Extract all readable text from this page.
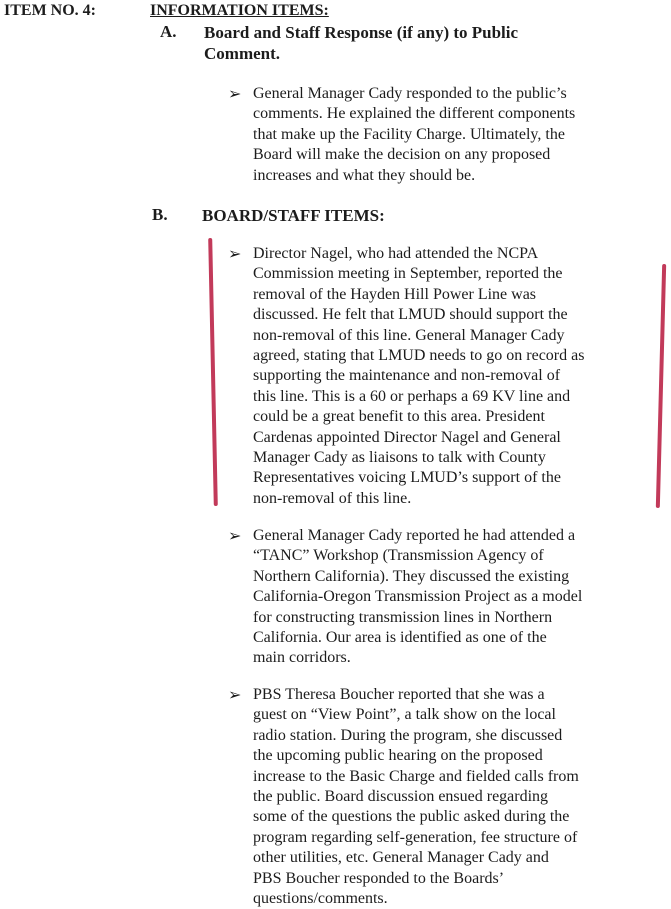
ITEM NO. 4:	INFORMATION ITEMS:
A. Board and Staff Response (if any) to Public
Comment.
➢ General Manager Cady responded to the public’s

comments. He explained the different components

that make up the Facility Charge. Ultimately, the

Board will make the decision on any proposed

increases and what they should be.

B. BOARD/STAFF ITEMS:
➢ Director Nagel, who had attended the NCPA

Commission meeting in September, reported the

removal of the Hayden Hill Power Line was

discussed. He felt that LMUD should support the

non-removal of this line. General Manager Cady

agreed, stating that LMUD needs to go on record as

supporting the maintenance and non-removal of

this line. This is a 60 or perhaps a 69 KV line and

could be a great benefit to this area. President

Cardenas appointed Director Nagel and General

Manager Cady as liaisons to talk with County

Representatives voicing LMUD’s support of the

non-removal of this line.

➢ General Manager Cady reported he had attended a

“TANC” Workshop (Transmission Agency of

Northern California). They discussed the existing

California-Oregon Transmission Project as a model

for constructing transmission lines in Northern

California. Our area is identified as one of the

main corridors.

➢ PBS Theresa Boucher reported that she was a

guest on “View Point”, a talk show on the local

radio station. During the program, she discussed

the upcoming public hearing on the proposed

increase to the Basic Charge and fielded calls from

the public. Board discussion ensued regarding

some of the questions the public asked during the

program regarding self-generation, fee structure of

other utilities, etc. General Manager Cady and

PBS Boucher responded to the Boards’

questions/comments.
